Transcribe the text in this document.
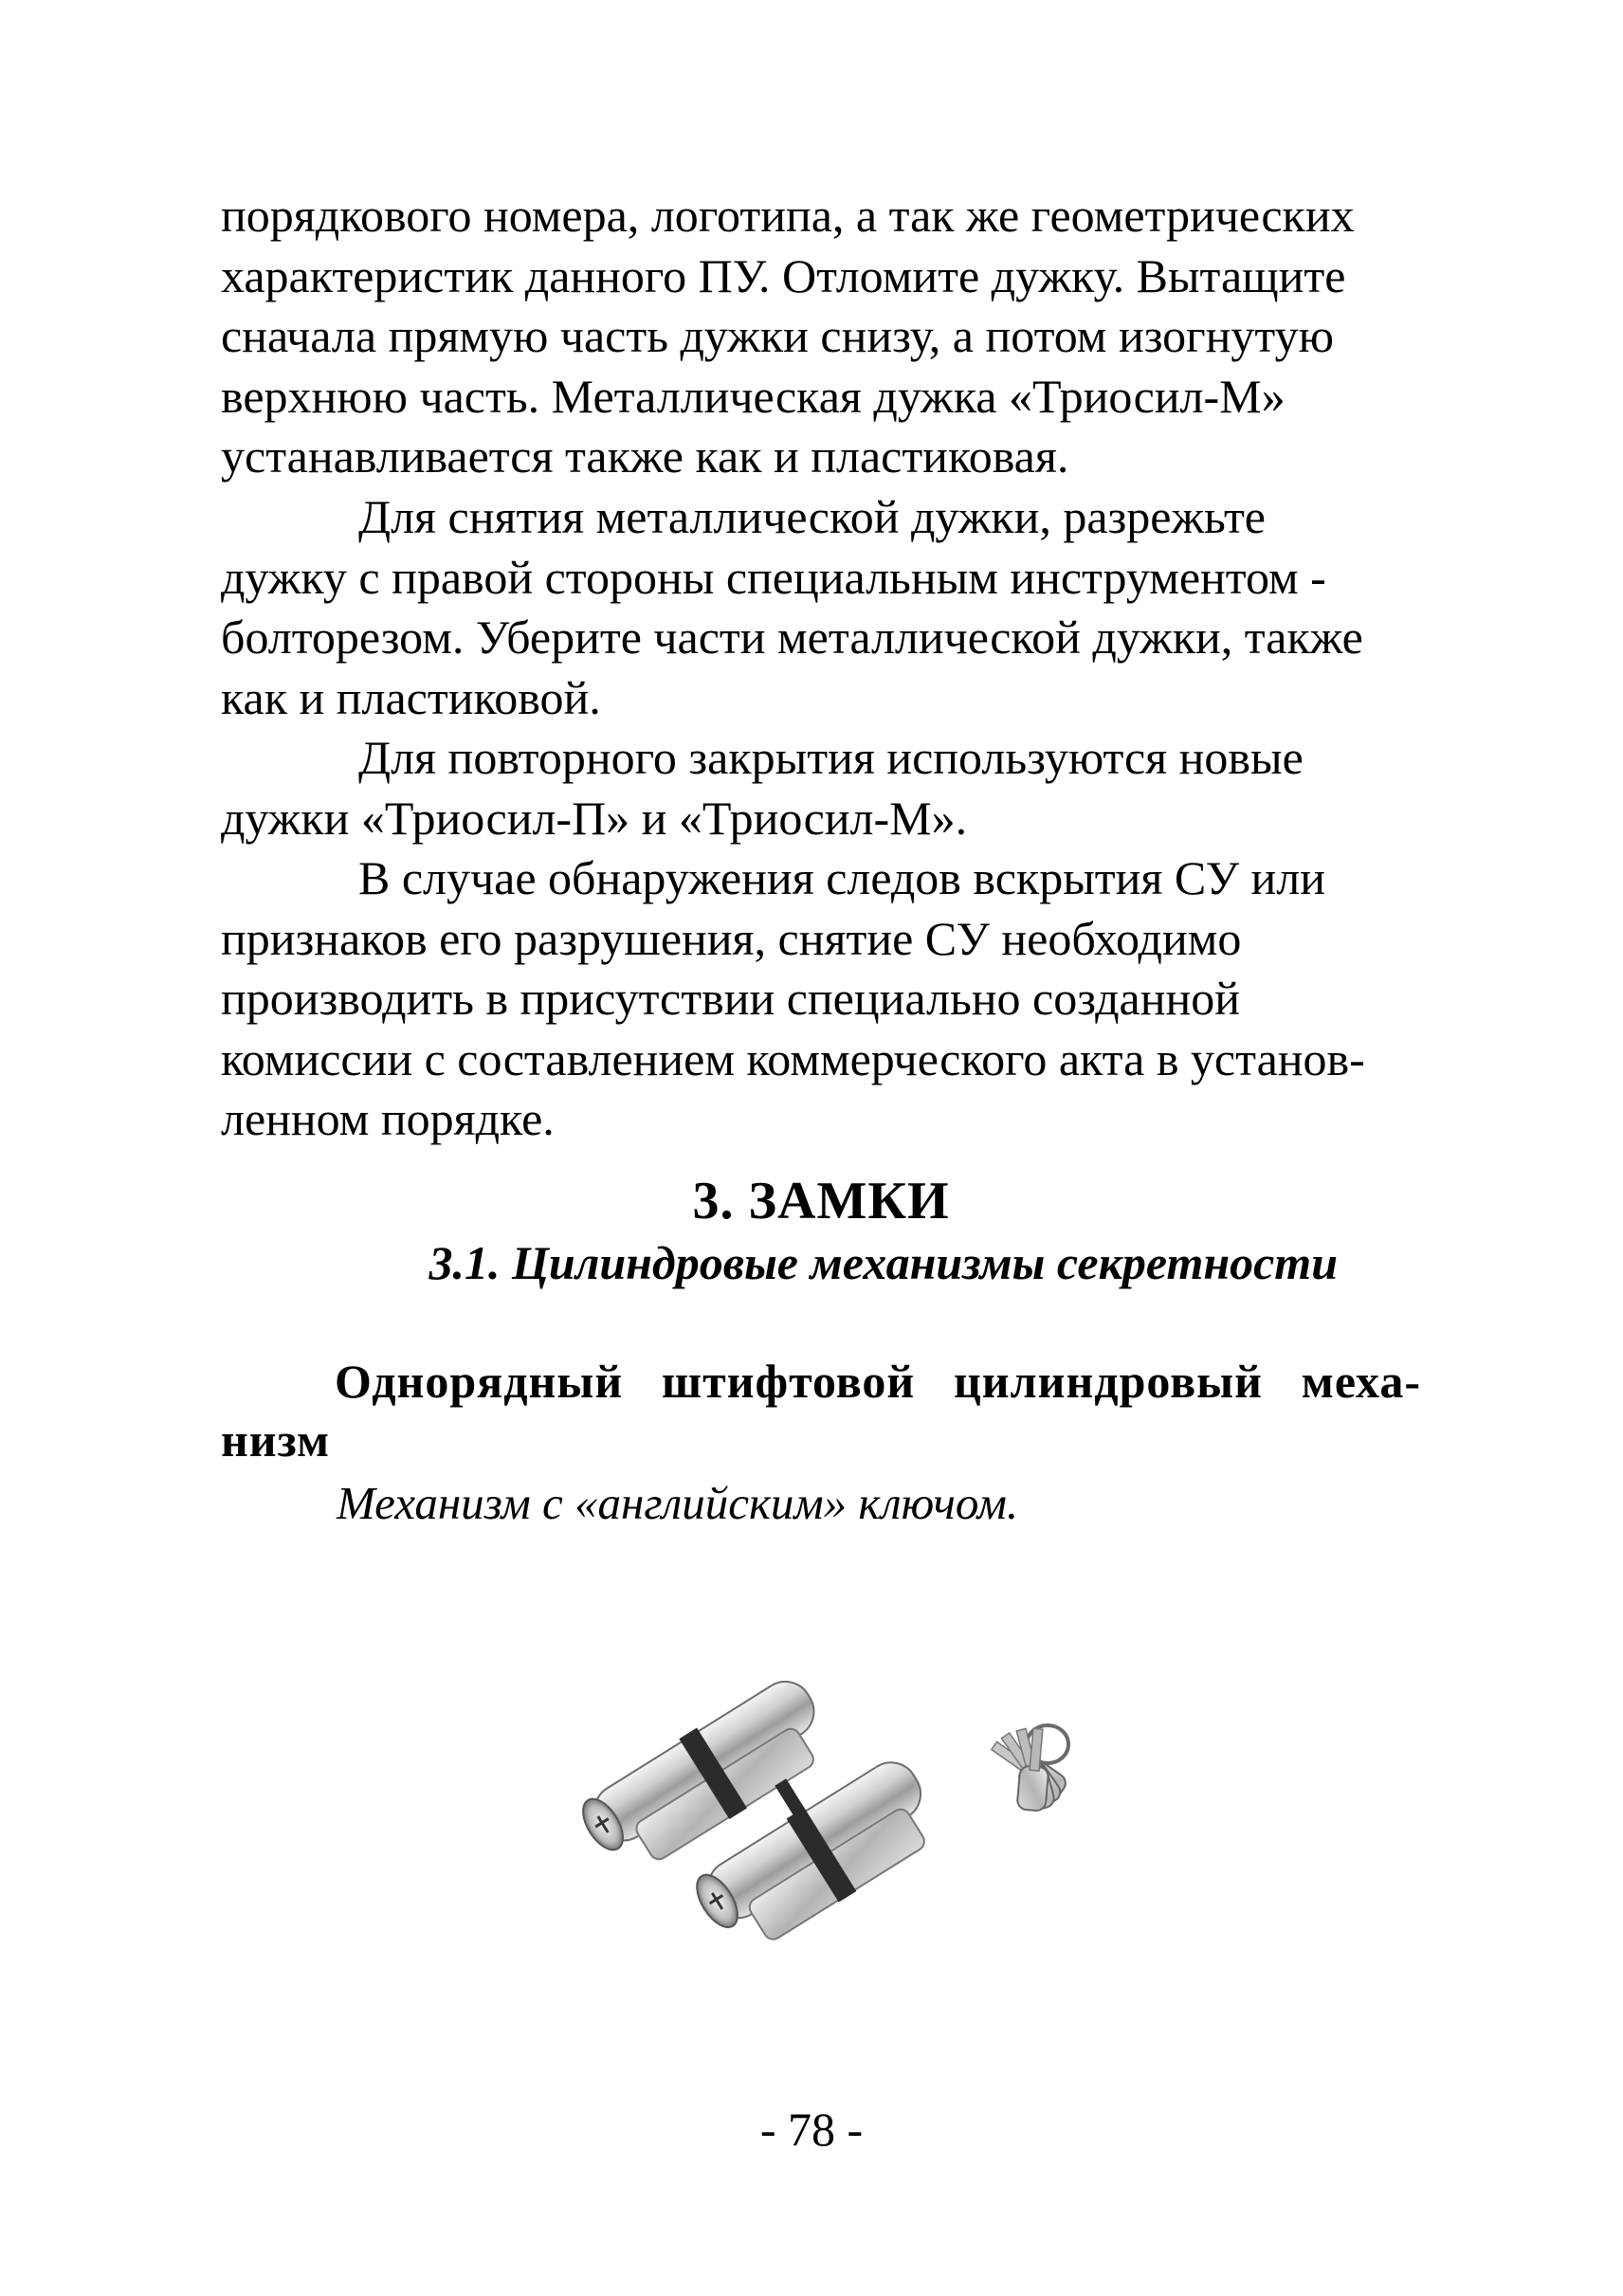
порядкового номера, логотипа, а так же геометрических

характеристик данного ПУ. Отломите дужку. Вытащите

сначала прямую часть дужки снизу, а потом изогнутую

верхнюю часть. Металлическая дужка «Триосил-М»

устанавливается также как и пластиковая.

Для снятия металлической дужки, разрежьте

дужку с правой стороны специальным инструментом -

болторезом. Уберите части металлической дужки, также

как и пластиковой.

Для повторного закрытия используются новые

дужки «Триосил-П» и «Триосил-М».

В случае обнаружения следов вскрытия СУ или

признаков его разрушения, снятие СУ необходимо

производить в присутствии специально созданной

комиссии с составлением коммерческого акта в установ-

ленном порядке.

3. ЗАМКИ
3.1. Цилиндровые механизмы секретности
Однорядный штифтовой цилиндровый меха-
низм

Механизм с «английским» ключом.

- 78 -
